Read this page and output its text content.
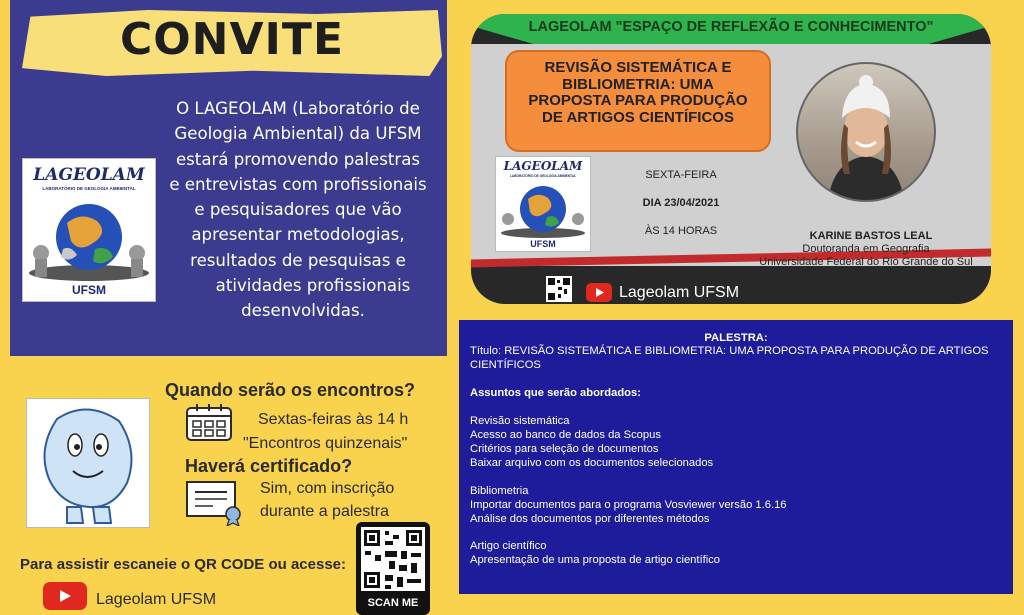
CONVITE
LAGEOLAM
LABORATÓRIO DE GEOLOGIA AMBIENTAL
UFSM
O LAGEOLAM (Laboratório de
Geologia Ambiental) da UFSM
estará promovendo palestras
e entrevistas com profissionais
e pesquisadores que vão
apresentar metodologias,
resultados de pesquisas e
atividades profissionais
desenvolvidas.
LAGEOLAM "ESPAÇO DE REFLEXÃO E CONHECIMENTO"
REVISÃO SISTEMÁTICA E
BIBLIOMETRIA: UMA
PROPOSTA PARA PRODUÇÃO
DE ARTIGOS CIENTÍFICOS
LAGEOLAM
LABORATÓRIO DE GEOLOGIA AMBIENTAL
UFSM
SEXTA-FEIRA
DIA 23/04/2021
ÀS 14 HORAS	KARINE BASTOS LEAL
Doutoranda em Geografia
Universidade Federal do Rio Grande do Sul
Lageolam UFSM
PALESTRA:
Título: REVISÃO SISTEMÁTICA E BIBLIOMETRIA: UMA PROPOSTA PARA PRODUÇÃO DE ARTIGOS CIENTÍFICOS
Assuntos que serão abordados:
Revisão sistemática
Acesso ao banco de dados da Scopus
Critérios para seleção de documentos
Baixar arquivo com os documentos selecionados
Bibliometria
Importar documentos para o programa Vosviewer versão 1.6.16
Análise dos documentos por diferentes métodos
Artigo científico
Apresentação de uma proposta de artigo científico
Quando serão os encontros?
Sextas-feiras às 14 h
"Encontros quinzenais"
Haverá certificado?
Sim, com inscrição
durante a palestra
Para assistir escaneie o QR CODE ou acesse:
Lageolam UFSM	SCAN ME
